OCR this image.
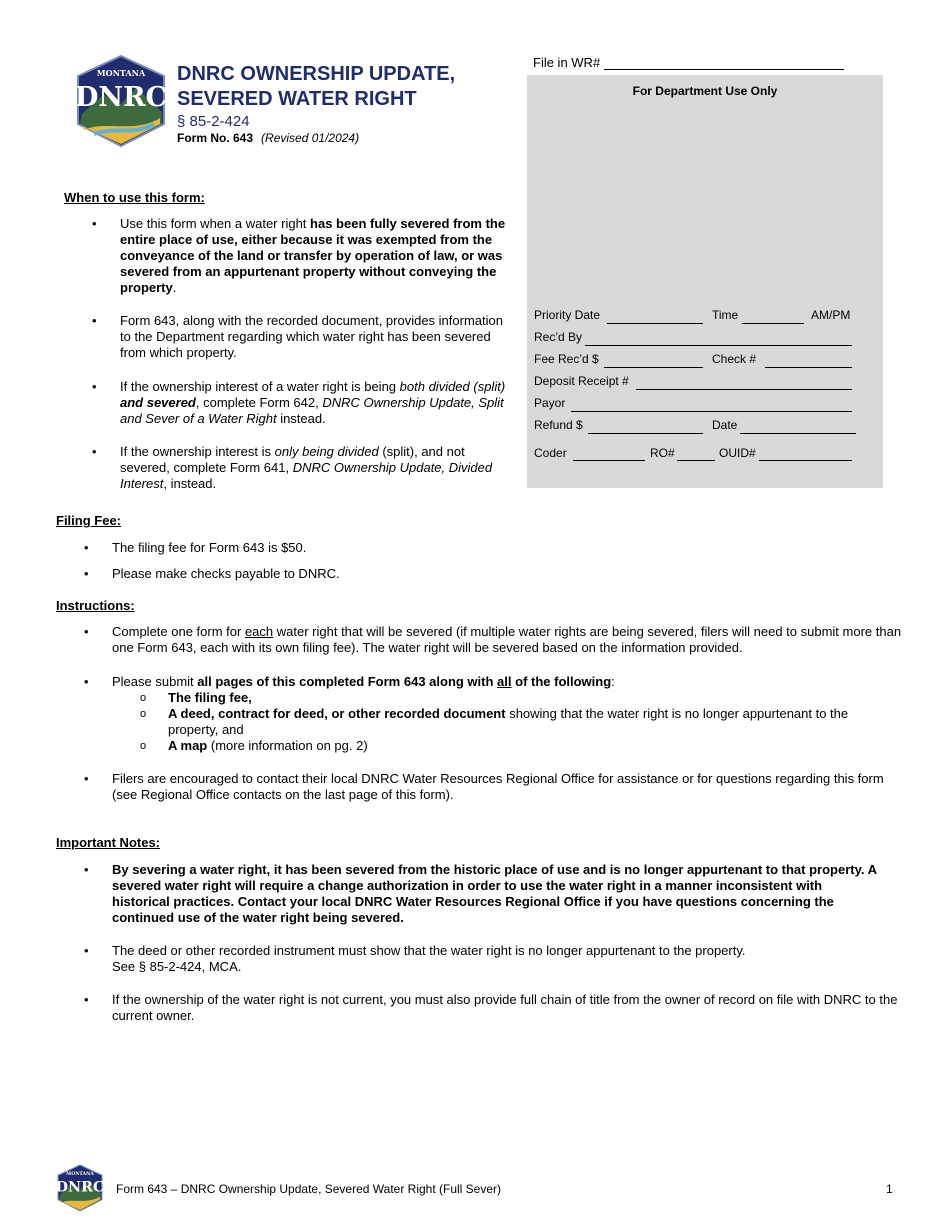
MONTANA
DNRC
DNRC OWNERSHIP UPDATE,
SEVERED WATER RIGHT
§ 85-2-424
Form No. 643 (Revised 01/2024)
File in WR#
For Department Use Only
Priority Date	Time	AM/PM
Rec’d By
Fee Rec’d $	Check #
Deposit Receipt #
Payor
Refund $	Date
Coder	RO#	OUID#
When to use this form:
• Use this form when a water right has been fully severed from the entire place of use, either because it was exempted from the conveyance of the land or transfer by operation of law, or was severed from an appurtenant property without conveying the property.
• Form 643, along with the recorded document, provides information to the Department regarding which water right has been severed from which property.
• If the ownership interest of a water right is being both divided (split) and severed, complete Form 642, DNRC Ownership Update, Split and Sever of a Water Right instead.
• If the ownership interest is only being divided (split), and not severed, complete Form 641, DNRC Ownership Update, Divided Interest, instead.
Filing Fee:
• The filing fee for Form 643 is $50.
• Please make checks payable to DNRC.
Instructions:
• Complete one form for each water right that will be severed (if multiple water rights are being severed, filers will need to submit more than one Form 643, each with its own filing fee). The water right will be severed based on the information provided.
• Please submit all pages of this completed Form 643 along with all of the following:
o The filing fee,
o A deed, contract for deed, or other recorded document showing that the water right is no longer appurtenant to the property, and
o A map (more information on pg. 2)
• Filers are encouraged to contact their local DNRC Water Resources Regional Office for assistance or for questions regarding this form (see Regional Office contacts on the last page of this form).
Important Notes:
• By severing a water right, it has been severed from the historic place of use and is no longer appurtenant to that property. A severed water right will require a change authorization in order to use the water right in a manner inconsistent with historical practices. Contact your local DNRC Water Resources Regional Office if you have questions concerning the continued use of the water right being severed.
• The deed or other recorded instrument must show that the water right is no longer appurtenant to the property.
See § 85-2-424, MCA.
• If the ownership of the water right is not current, you must also provide full chain of title from the owner of record on file with DNRC to the current owner.
MONTANA
DNRC Form 643 – DNRC Ownership Update, Severed Water Right (Full Sever)	1
